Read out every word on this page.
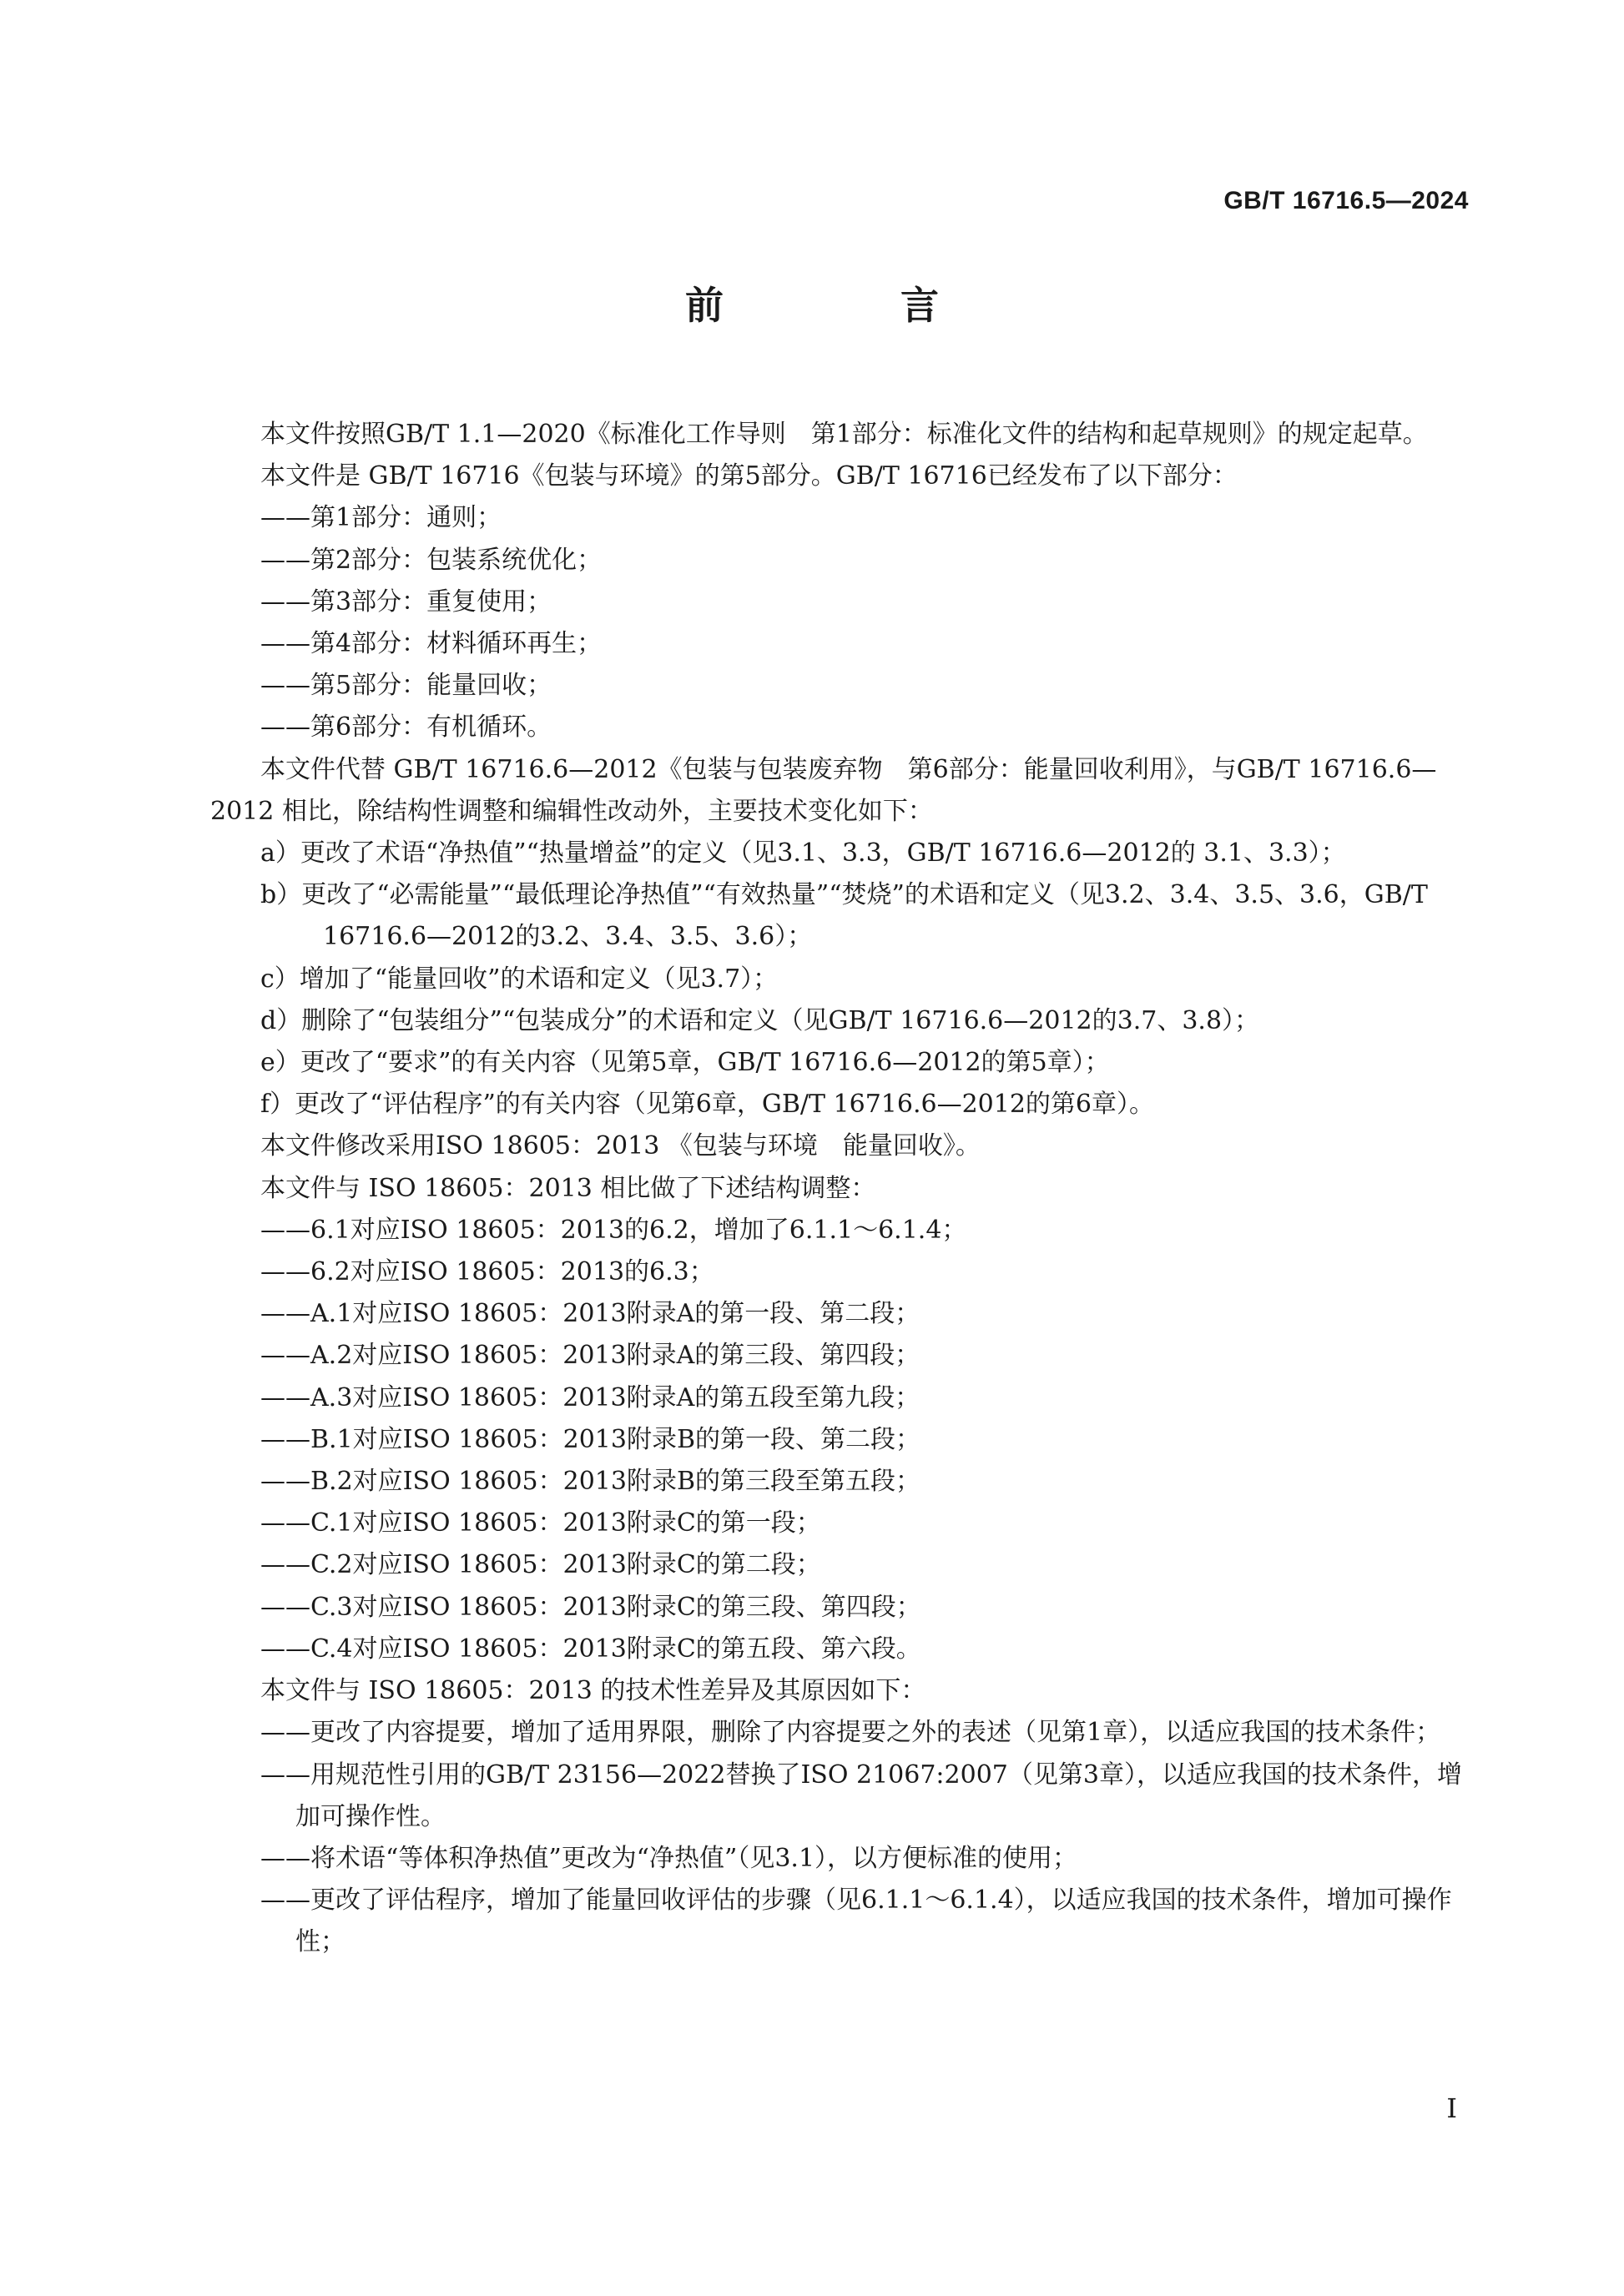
GB/T 16716.5—2024
前　　言

本文件按照GB/T 1.1—2020《标准化工作导则　第1部分：标准化文件的结构和起草规则》的规定起草。

本文件是 GB/T 16716《包装与环境》的第5部分。GB/T 16716已经发布了以下部分：

——第1部分：通则；

——第2部分：包装系统优化；

——第3部分：重复使用；

——第4部分：材料循环再生；

——第5部分：能量回收；

——第6部分：有机循环。

本文件代替 GB/T 16716.6—2012《包装与包装废弃物　第6部分：能量回收利用》，与GB/T 16716.6—2012 相比，除结构性调整和编辑性改动外，主要技术变化如下：

a）更改了术语“净热值”“热量增益”的定义（见3.1、3.3，GB/T 16716.6—2012的 3.1、3.3）；

b）更改了“必需能量”“最低理论净热值”“有效热量”“焚烧”的术语和定义（见3.2、3.4、3.5、3.6，GB/T 16716.6—2012的3.2、3.4、3.5、3.6）；

c）增加了“能量回收”的术语和定义（见3.7）；

d）删除了“包装组分”“包装成分”的术语和定义（见GB/T 16716.6—2012的3.7、3.8）；

e）更改了“要求”的有关内容（见第5章，GB/T 16716.6—2012的第5章）；

f）更改了“评估程序”的有关内容（见第6章，GB/T 16716.6—2012的第6章）。

本文件修改采用ISO 18605：2013 《包装与环境　能量回收》。

本文件与 ISO 18605：2013 相比做了下述结构调整：

——6.1对应ISO 18605：2013的6.2，增加了6.1.1～6.1.4；

——6.2对应ISO 18605：2013的6.3；

——A.1对应ISO 18605：2013附录A的第一段、第二段；

——A.2对应ISO 18605：2013附录A的第三段、第四段；

——A.3对应ISO 18605：2013附录A的第五段至第九段；

——B.1对应ISO 18605：2013附录B的第一段、第二段；

——B.2对应ISO 18605：2013附录B的第三段至第五段；

——C.1对应ISO 18605：2013附录C的第一段；

——C.2对应ISO 18605：2013附录C的第二段；

——C.3对应ISO 18605：2013附录C的第三段、第四段；

——C.4对应ISO 18605：2013附录C的第五段、第六段。

本文件与 ISO 18605：2013 的技术性差异及其原因如下：

——更改了内容提要，增加了适用界限，删除了内容提要之外的表述（见第1章），以适应我国的技术条件；

——用规范性引用的GB/T 23156—2022替换了ISO 21067:2007（见第3章），以适应我国的技术条件，增加可操作性。

——将术语“等体积净热值”更改为“净热值”（见3.1），以方便标准的使用；

——更改了评估程序，增加了能量回收评估的步骤（见6.1.1～6.1.4），以适应我国的技术条件，增加可操作性；

I
